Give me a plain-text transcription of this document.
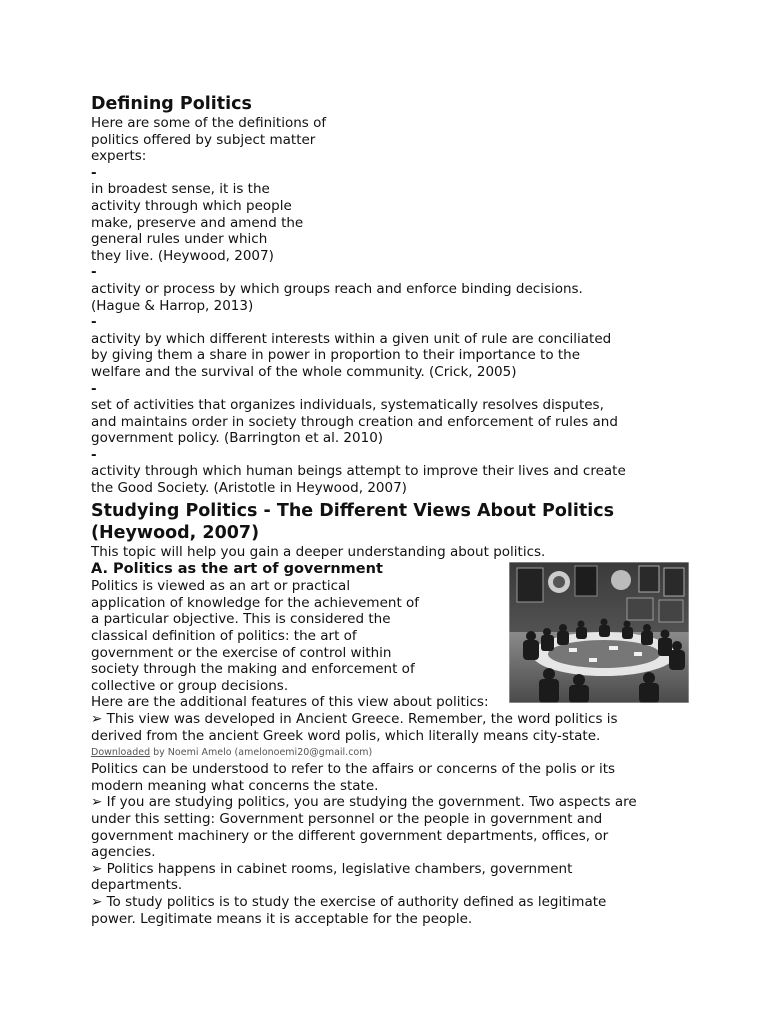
Defining Politics

Here are some of the definitions of
politics offered by subject matter
experts:

-

in broadest sense, it is the
activity through which people
make, preserve and amend the
general rules under which
they live. (Heywood, 2007)

-

activity or process by which groups reach and enforce binding decisions.
(Hague & Harrop, 2013)

-

activity by which different interests within a given unit of rule are conciliated
by giving them a share in power in proportion to their importance to the
welfare and the survival of the whole community. (Crick, 2005)

-

set of activities that organizes individuals, systematically resolves disputes,
and maintains order in society through creation and enforcement of rules and
government policy. (Barrington et al. 2010)

-

activity through which human beings attempt to improve their lives and create
the Good Society. (Aristotle in Heywood, 2007)

Studying Politics - The Different Views About Politics
(Heywood, 2007)

This topic will help you gain a deeper understanding about politics.

A. Politics as the art of government

Politics is viewed as an art or practical
application of knowledge for the achievement of
a particular objective. This is considered the
classical definition of politics: the art of
government or the exercise of control within
society through the making and enforcement of
collective or group decisions.

Here are the additional features of this view about politics:

➢ This view was developed in Ancient Greece. Remember, the word politics is
derived from the ancient Greek word polis, which literally means city-state.

Downloaded by Noemi Amelo (amelonoemi20@gmail.com)

Politics can be understood to refer to the affairs or concerns of the polis or its
modern meaning what concerns the state.

➢ If you are studying politics, you are studying the government. Two aspects are
under this setting: Government personnel or the people in government and
government machinery or the different government departments, offices, or
agencies.

➢ Politics happens in cabinet rooms, legislative chambers, government
departments.

➢ To study politics is to study the exercise of authority defined as legitimate
power. Legitimate means it is acceptable for the people.
